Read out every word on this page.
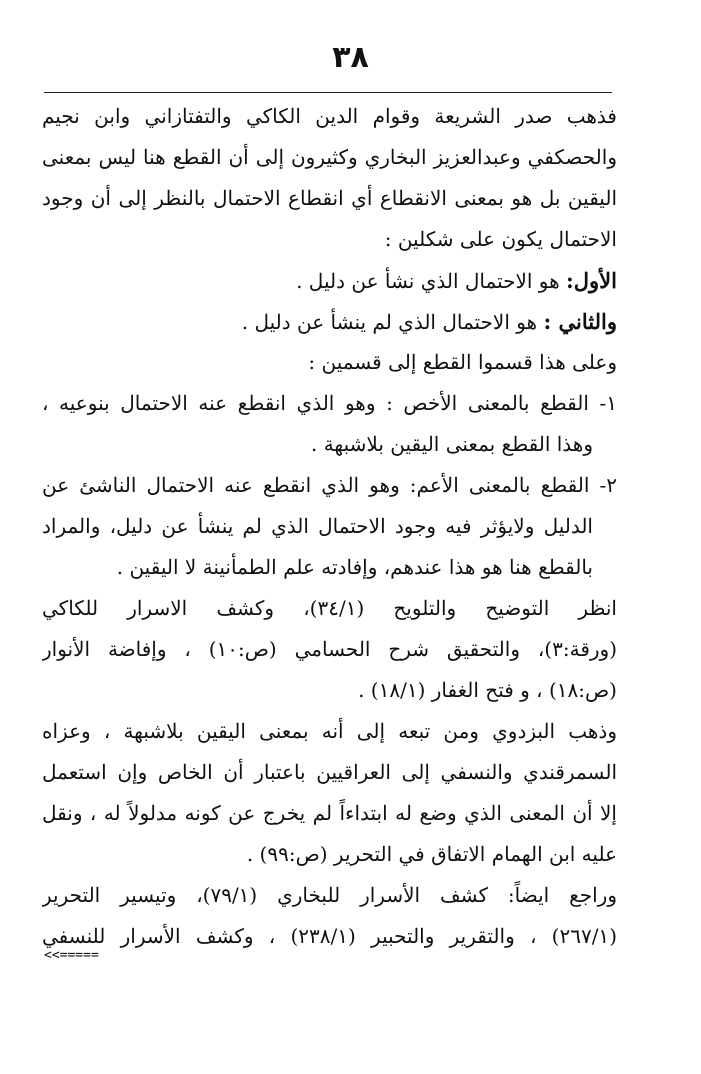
٣٨
فذهب صدر الشريعة وقوام الدين الكاكي والتفتازاني وابن نجيم
والحصكفي وعبدالعزيز البخاري وكثيرون إلى أن القطع هنا ليس بمعنى
اليقين بل هو بمعنى الانقطاع أي انقطاع الاحتمال بالنظر إلى أن وجود
الاحتمال يكون على شكلين :
الأول: هو الاحتمال الذي نشأ عن دليل .
والثاني : هو الاحتمال الذي لم ينشأ عن دليل .
وعلى هذا قسموا القطع إلى قسمين :
١- القطع بالمعنى الأخص : وهو الذي انقطع عنه الاحتمال بنوعيه ،
وهذا القطع بمعنى اليقين بلاشبهة .
٢- القطع بالمعنى الأعم: وهو الذي انقطع عنه الاحتمال الناشئ عن
الدليل ولايؤثر فيه وجود الاحتمال الذي لم ينشأ عن دليل، والمراد
بالقطع هنا هو هذا عندهم، وإفادته علم الطمأنينة لا اليقين .
انظر التوضيح والتلويح (٣٤/١)، وكشف الاسرار للكاكي
(ورقة:٣)، والتحقيق شرح الحسامي (ص:١٠) ، وإفاضة الأنوار
(ص:١٨) ، و فتح الغفار (١٨/١) .
وذهب البزدوي ومن تبعه إلى أنه بمعنى اليقين بلاشبهة ، وعزاه
السمرقندي والنسفي إلى العراقيين باعتبار أن الخاص وإن استعمل
إلا أن المعنى الذي وضع له ابتداءاً لم يخرج عن كونه مدلولاً له ، ونقل
عليه ابن الهمام الاتفاق في التحرير (ص:٩٩) .
وراجع ايضاً: كشف الأسرار للبخاري (٧٩/١)، وتيسير التحرير
(٢٦٧/١) ، والتقرير والتحبير (٢٣٨/١) ، وكشف الأسرار للنسفي
<<=====
